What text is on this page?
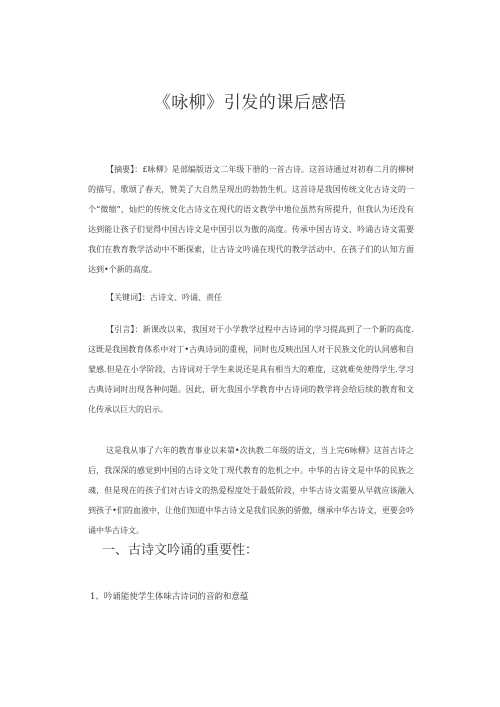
《咏柳》引发的课后感悟

【摘要】：£咏柳》是部编版语文二年级下册的一首古诗。这首诗通过对初春二月的柳树的描写，歌颂了春天，赞美了大自然呈现出的勃勃生机。这首诗是我国传统文化古诗文的一个“微缩”，灿烂的传统文化古诗文在现代的语文教学中地位虽然有所提升，但我认为还没有达到能让孩子们觉得中国古诗文是中国引以为傲的高度。传承中国古诗文、吟诵古诗文需要我们在教育教学活动中不断探索，让古诗文吟诵在现代的教学活动中、在孩子们的认知方面达到•个新的高度。

【关键词】：古诗文、吟诵、责任

【引言】：新课改以来，我国对于小学教学过程中古诗词的学习提高到了一个新的高度.这既是我国教育体系中对丁•古典诗词的重视，同时也反映出国人对于民族文化的认同感和自蒙感.但是在小学阶段，古诗词对于学生来说还是具有相当大的难度，这就难免使得学生.学习古典诗词时出现各种问题。因此，研尢我国小学教育中古诗词的教学将会给后续的教育和文化传承以巨大的启示。

这是我从事了六年的教育事业以来第•次执教二年级的语文，当上完6咏柳》这首古诗之后，我深深的感觉到中国的古诗文处丁现代教育的危机之中。中华的古诗文是中华的民族之魂，但是现在的孩子们对古诗文的热爱程度处于最低阶段，中华古诗文需要从早就应该融入到孩子•们的血液中，让他们知道中华古诗文是我们民族的骄傲，继承中华古诗文，更要会吟诵中华古诗文。

一、古诗文吟诵的重要性：
1、吟诵能使学生体味古诗词的音韵和意蕴
